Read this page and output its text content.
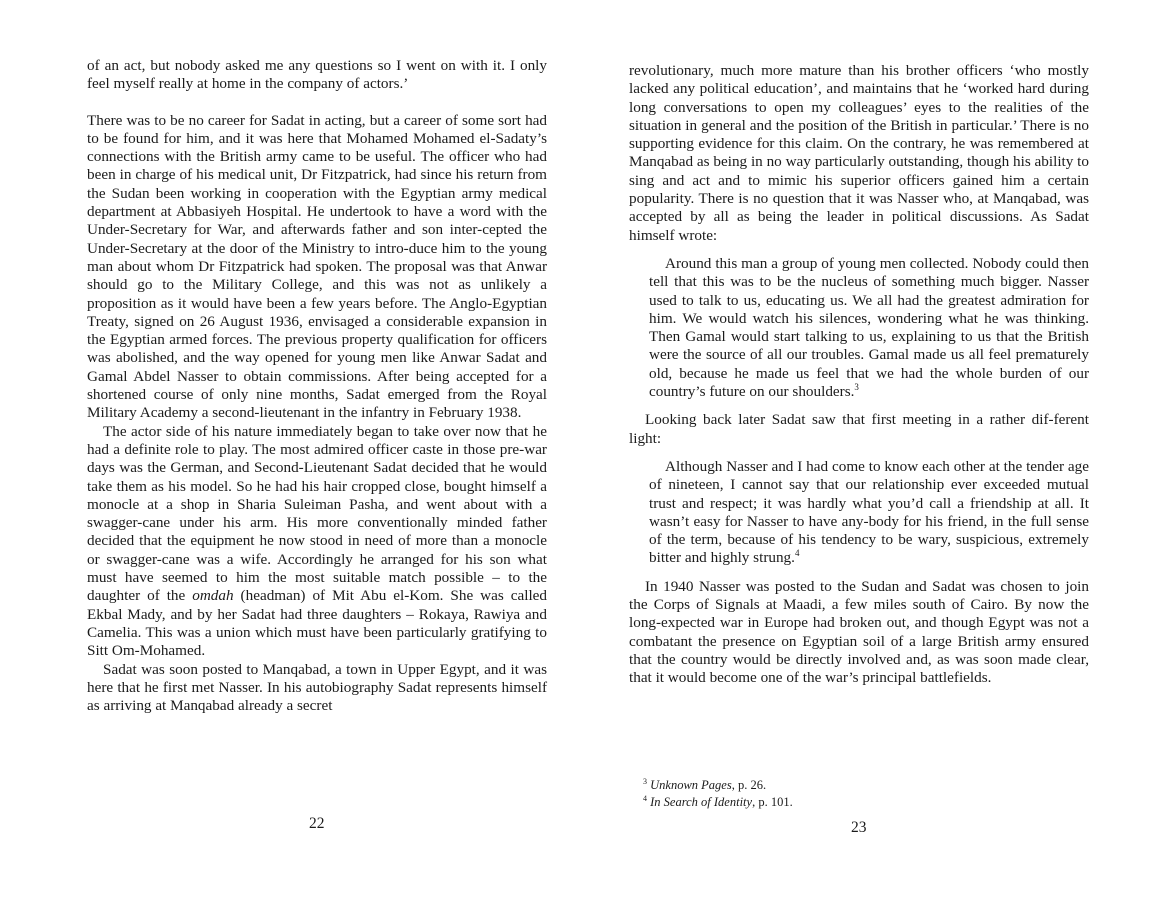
of an act, but nobody asked me any questions so I went on with it. I only feel myself really at home in the company of actors.’

There was to be no career for Sadat in acting, but a career of some sort had to be found for him, and it was here that Mohamed Mohamed el-Sadaty’s connections with the British army came to be useful. The officer who had been in charge of his medical unit, Dr Fitzpatrick, had since his return from the Sudan been working in cooperation with the Egyptian army medical department at Abbasiyeh Hospital. He undertook to have a word with the Under-Secretary for War, and afterwards father and son inter-cepted the Under-Secretary at the door of the Ministry to intro-duce him to the young man about whom Dr Fitzpatrick had spoken. The proposal was that Anwar should go to the Military College, and this was not as unlikely a proposition as it would have been a few years before. The Anglo-Egyptian Treaty, signed on 26 August 1936, envisaged a considerable expansion in the Egyptian armed forces. The previous property qualification for officers was abolished, and the way opened for young men like Anwar Sadat and Gamal Abdel Nasser to obtain commissions. After being accepted for a shortened course of only nine months, Sadat emerged from the Royal Military Academy a second-lieutenant in the infantry in February 1938.

The actor side of his nature immediately began to take over now that he had a definite role to play. The most admired officer caste in those pre-war days was the German, and Second-Lieutenant Sadat decided that he would take them as his model. So he had his hair cropped close, bought himself a monocle at a shop in Sharia Suleiman Pasha, and went about with a swagger-cane under his arm. His more conventionally minded father decided that the equipment he now stood in need of more than a monocle or swagger-cane was a wife. Accordingly he arranged for his son what must have seemed to him the most suitable match possible – to the daughter of the omdah (headman) of Mit Abu el-Kom. She was called Ekbal Mady, and by her Sadat had three daughters – Rokaya, Rawiya and Camelia. This was a union which must have been particularly gratifying to Sitt Om-Mohamed.

Sadat was soon posted to Manqabad, a town in Upper Egypt, and it was here that he first met Nasser. In his autobiography Sadat represents himself as arriving at Manqabad already a secret

22

revolutionary, much more mature than his brother officers ‘who mostly lacked any political education’, and maintains that he ‘worked hard during long conversations to open my colleagues’ eyes to the realities of the situation in general and the position of the British in particular.’ There is no supporting evidence for this claim. On the contrary, he was remembered at Manqabad as being in no way particularly outstanding, though his ability to sing and act and to mimic his superior officers gained him a certain popularity. There is no question that it was Nasser who, at Manqabad, was accepted by all as being the leader in political discussions. As Sadat himself wrote:

Around this man a group of young men collected. Nobody could then tell that this was to be the nucleus of something much bigger. Nasser used to talk to us, educating us. We all had the greatest admiration for him. We would watch his silences, wondering what he was thinking. Then Gamal would start talking to us, explaining to us that the British were the source of all our troubles. Gamal made us all feel prematurely old, because he made us feel that we had the whole burden of our country’s future on our shoulders.$^3$

Looking back later Sadat saw that first meeting in a rather dif-ferent light:

Although Nasser and I had come to know each other at the tender age of nineteen, I cannot say that our relationship ever exceeded mutual trust and respect; it was hardly what you’d call a friendship at all. It wasn’t easy for Nasser to have any-body for his friend, in the full sense of the term, because of his tendency to be wary, suspicious, extremely bitter and highly strung.$^4$

In 1940 Nasser was posted to the Sudan and Sadat was chosen to join the Corps of Signals at Maadi, a few miles south of Cairo. By now the long-expected war in Europe had broken out, and though Egypt was not a combatant the presence on Egyptian soil of a large British army ensured that the country would be directly involved and, as was soon made clear, that it would become one of the war’s principal battlefields.

$^3$ Unknown Pages, p. 26.
$^4$ In Search of Identity, p. 101.
23
